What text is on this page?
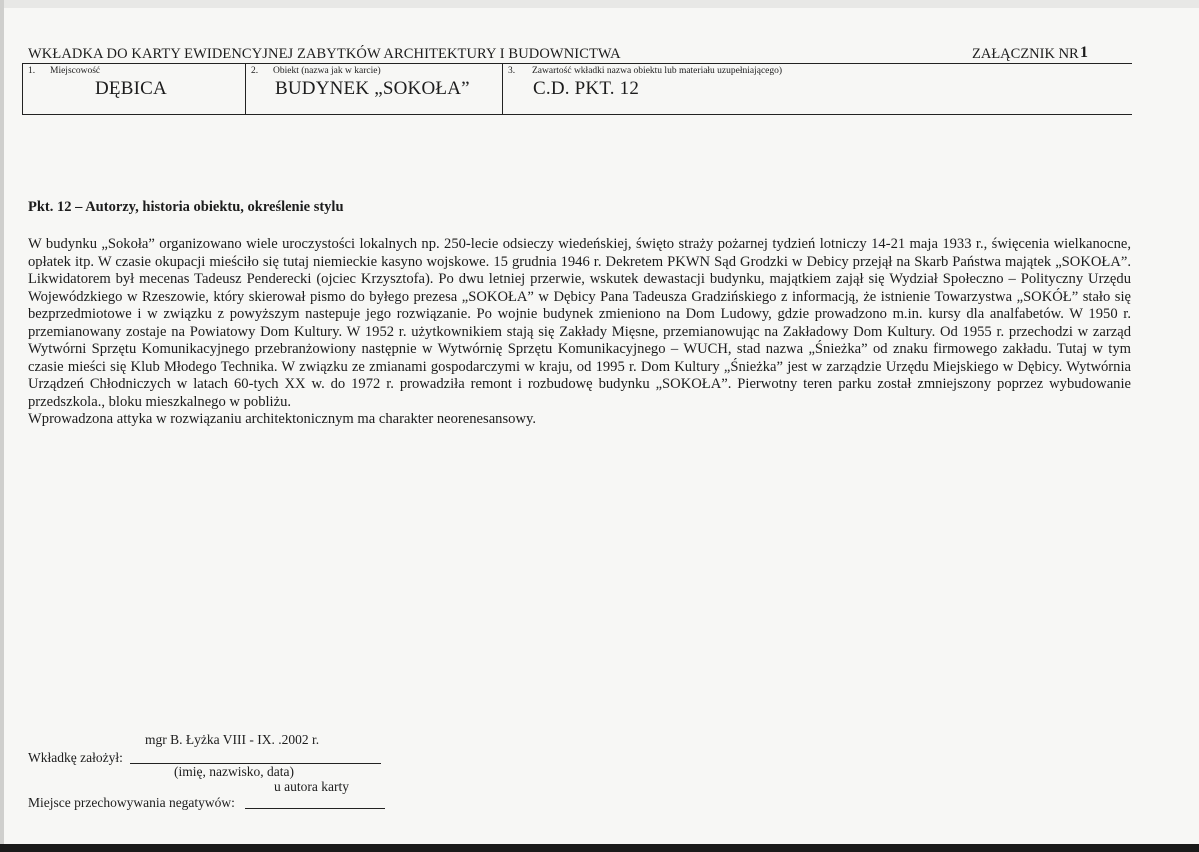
WKŁADKA DO KARTY EWIDENCYJNEJ ZABYTKÓW ARCHITEKTURY I BUDOWNICTWA	ZAŁĄCZNIK NR 1
1. Miejscowość
DĘBICA
2. Obiekt (nazwa jak w karcie)
BUDYNEK „SOKOŁA”
3. Zawartość wkładki nazwa obiektu lub materiału uzupełniającego)
C.D. PKT. 12
Pkt. 12 – Autorzy, historia obiektu, określenie stylu

W budynku „Sokoła” organizowano wiele uroczystości lokalnych np. 250-lecie odsieczy wiedeńskiej, święto straży pożarnej tydzień lotniczy 14-21 maja 1933 r., święcenia wielkanocne, opłatek itp. W czasie okupacji mieściło się tutaj niemieckie kasyno wojskowe. 15 grudnia 1946 r. Dekretem PKWN Sąd Grodzki w Debicy przejął na Skarb Państwa majątek „SOKOŁA”. Likwidatorem był mecenas Tadeusz Penderecki (ojciec Krzysztofa). Po dwu letniej przerwie, wskutek dewastacji budynku, majątkiem zajął się Wydział Społeczno – Polityczny Urzędu Wojewódzkiego w Rzeszowie, który skierował pismo do byłego prezesa „SOKOŁA” w Dębicy Pana Tadeusza Gradzińskiego z informacją, że istnienie Towarzystwa „SOKÓŁ” stało się bezprzedmiotowe i w związku z powyższym nastepuje jego rozwiązanie. Po wojnie budynek zmieniono na Dom Ludowy, gdzie prowadzono m.in. kursy dla analfabetów. W 1950 r. przemianowany zostaje na Powiatowy Dom Kultury. W 1952 r. użytkownikiem stają się Zakłady Mięsne, przemianowując na Zakładowy Dom Kultury. Od 1955 r. przechodzi w zarząd Wytwórni Sprzętu Komunikacyjnego przebranżowiony następnie w Wytwórnię Sprzętu Komunikacyjnego – WUCH, stad nazwa „Śnieżka” od znaku firmowego zakładu. Tutaj w tym czasie mieści się Klub Młodego Technika. W związku ze zmianami gospodarczymi w kraju, od 1995 r. Dom Kultury „Śnieżka” jest w zarządzie Urzędu Miejskiego w Dębicy. Wytwórnia Urządzeń Chłodniczych w latach 60-tych XX w. do 1972 r. prowadziła remont i rozbudowę budynku „SOKOŁA”. Pierwotny teren parku został zmniejszony poprzez wybudowanie przedszkola., bloku mieszkalnego w pobliżu.

Wprowadzona attyka w rozwiązaniu architektonicznym ma charakter neorenesansowy.

mgr B. Łyżka VIII - IX. .2002 r.
Wkładkę założył:
(imię, nazwisko, data)
u autora karty
Miejsce przechowywania negatywów:
